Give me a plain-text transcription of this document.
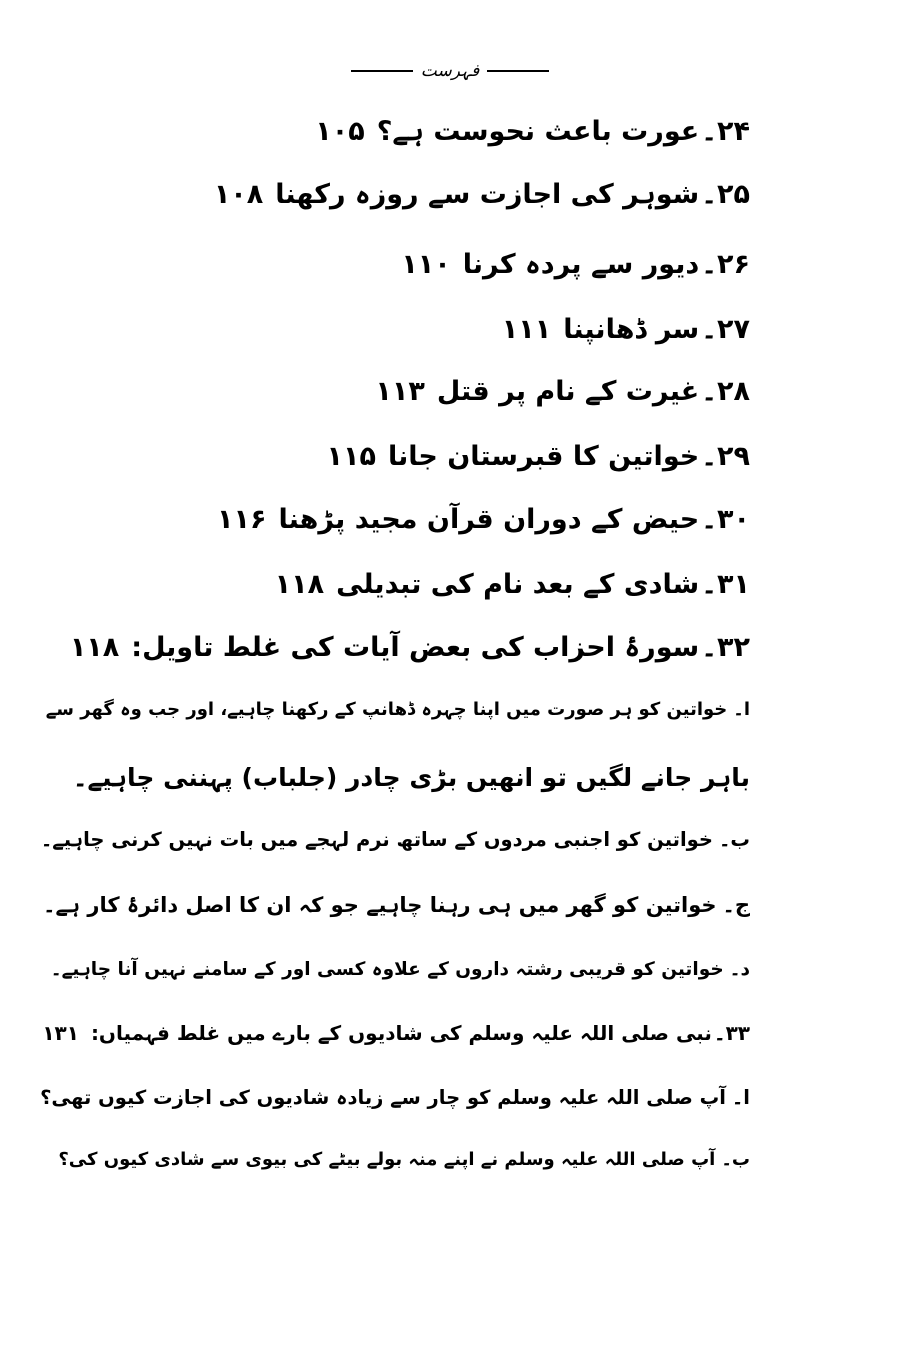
فہرست
۲۴۔عورت باعث نحوست ہے؟۱۰۵
۲۵۔شوہر کی اجازت سے روزہ رکھنا۱۰۸
۲۶۔دیور سے پردہ کرنا۱۱۰
۲۷۔سر ڈھانپنا۱۱۱
۲۸۔غیرت کے نام پر قتل۱۱۳
۲۹۔خواتین کا قبرستان جانا۱۱۵
۳۰۔حیض کے دوران قرآن مجید پڑھنا۱۱۶
۳۱۔شادی کے بعد نام کی تبدیلی۱۱۸
۳۲۔سورۂ احزاب کی بعض آیات کی غلط تاویل:۱۱۸
ا۔خواتین کو ہر صورت میں اپنا چہرہ ڈھانپ کے رکھنا چاہیے، اور جب وہ گھر سے
باہر جانے لگیں تو انھیں بڑی چادر (جلباب) پہننی چاہیے۔
ب۔خواتین کو اجنبی مردوں کے ساتھ نرم لہجے میں بات نہیں کرنی چاہیے۔
ج۔خواتین کو گھر میں ہی رہنا چاہیے جو کہ ان کا اصل دائرۂ کار ہے۔
د۔خواتین کو قریبی رشتہ داروں کے علاوہ کسی اور کے سامنے نہیں آنا چاہیے۔
۳۳۔نبی صلی اللہ علیہ وسلم کی شادیوں کے بارے میں غلط فہمیاں:۱۳۱
ا۔آپ صلی اللہ علیہ وسلم کو چار سے زیادہ شادیوں کی اجازت کیوں تھی؟
ب۔آپ صلی اللہ علیہ وسلم نے اپنے منہ بولے بیٹے کی بیوی سے شادی کیوں کی؟
